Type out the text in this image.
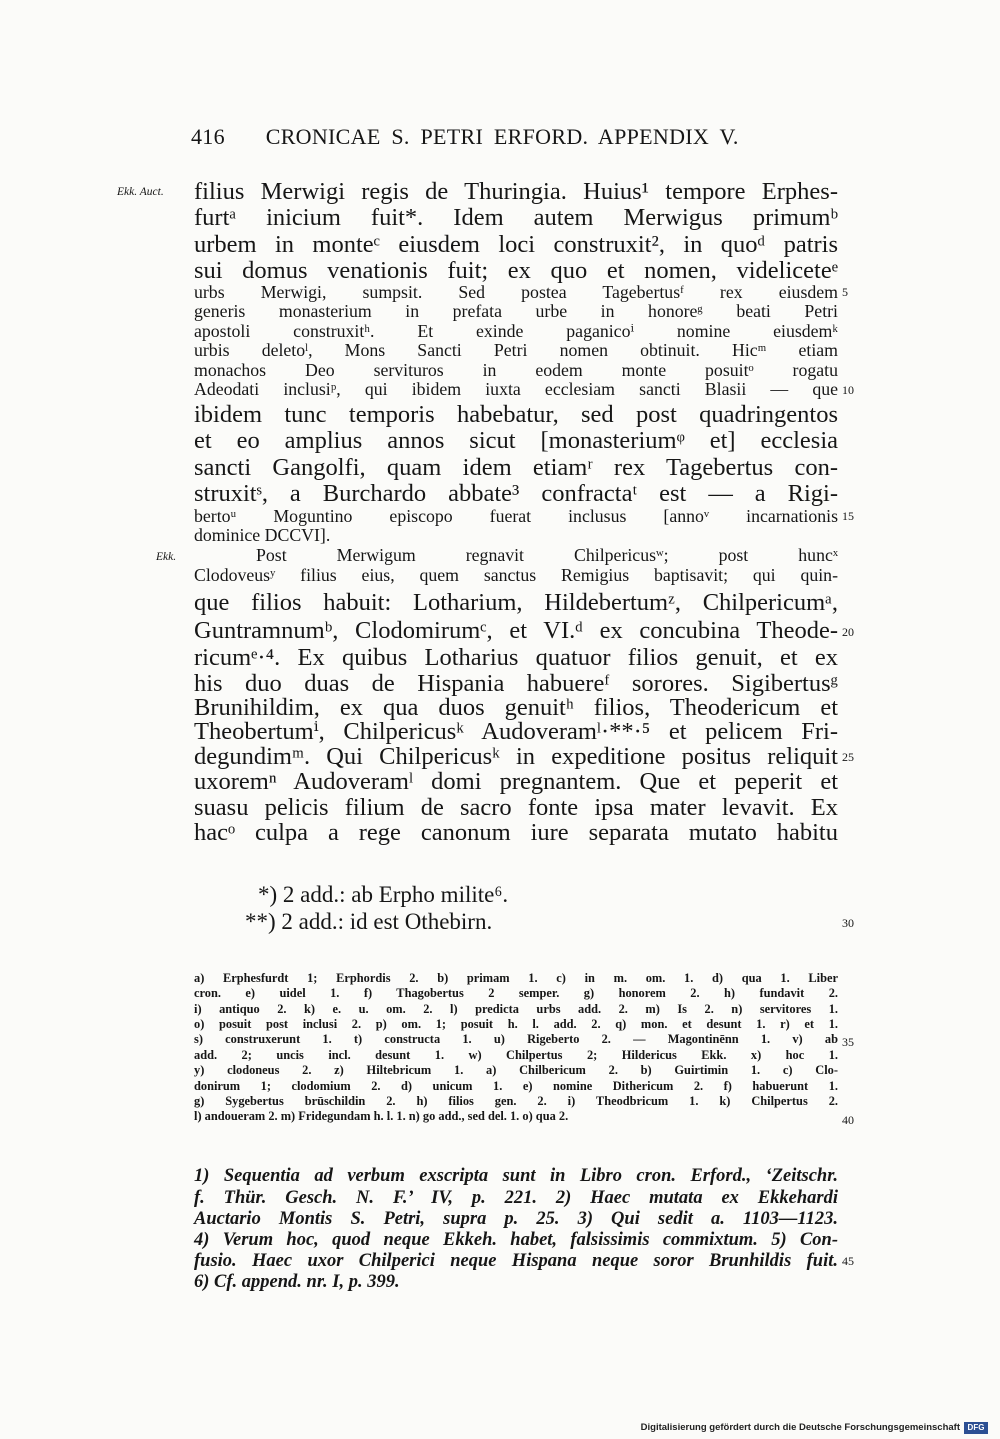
416 CRONICAE S. PETRI ERFORD. APPENDIX V.
Ekk. Auct.
Ekk.
filius Merwigi regis de Thuringia. Huius¹ tempore Erphes-
furtᵃ inicium fuit*. Idem autem Merwigus primumᵇ
urbem in monteᶜ eiusdem loci construxit², in quoᵈ patris
sui domus venationis fuit; ex quo et nomen, videliceteᵉ
urbs Merwigi, sumpsit. Sed postea Tagebertusᶠ rex eiusdem
generis monasterium in prefata urbe in honoreᵍ beati Petri
apostoli construxitʰ. Et exinde paganicoⁱ nomine eiusdemᵏ
urbis deletoˡ, Mons Sancti Petri nomen obtinuit. Hicᵐ etiam
monachos Deo servituros in eodem monte posuitᵒ rogatu
Adeodati inclusiᵖ, qui ibidem iuxta ecclesiam sancti Blasii — que
ibidem tunc temporis habebatur, sed post quadringentos
et eo amplius annos sicut [monasteriumᵠ et] ecclesia
sancti Gangolfi, quam idem etiamʳ rex Tagebertus con-
struxitˢ, a Burchardo abbate³ confractaᵗ est — a Rigi-
bertoᵘ Moguntino episcopo fuerat inclusus [annoᵛ incarnationis
dominice DCCVI].
Post Merwigum regnavit Chilpericusʷ; post huncˣ
Clodoveusʸ filius eius, quem sanctus Remigius baptisavit; qui quin-
que filios habuit: Lotharium, Hildebertumᶻ, Chilpericumᵃ,
Guntramnumᵇ, Clodomirumᶜ, et VI.ᵈ ex concubina Theode-
ricumᵉ·⁴. Ex quibus Lotharius quatuor filios genuit, et ex
his duo duas de Hispania habuereᶠ sorores. Sigibertusᵍ
Brunihildim, ex qua duos genuitʰ filios, Theodericum et
Theobertumⁱ, Chilpericusᵏ Audoveramˡ·**·⁵ et pelicem Fri-
degundimᵐ. Qui Chilpericusᵏ in expeditione positus reliquit
uxoremⁿ Audoveramˡ domi pregnantem. Que et peperit et
suasu pelicis filium de sacro fonte ipsa mater levavit. Ex
hacᵒ culpa a rege canonum iure separata mutato habitu
5
10
15
20
25
30
35
40
45
*) 2 add.: ab Erpho milite⁶.
**) 2 add.: id est Othebirn.
a) Erphesfurdt 1; Erphordis 2. b) primam 1. c) in m. om. 1. d) qua 1. Liber
cron. e) uidel 1. f) Thagobertus 2 semper. g) honorem 2. h) fundavit 2.
i) antiquo 2. k) e. u. om. 2. l) predicta urbs add. 2. m) Is 2. n) servitores 1.
o) posuit post inclusi 2. p) om. 1; posuit h. l. add. 2. q) mon. et desunt 1. r) et 1.
s) construxerunt 1. t) constructa 1. u) Rigeberto 2. — Magontinēnn 1. v) ab
add. 2; uncis incl. desunt 1. w) Chilpertus 2; Hildericus Ekk. x) hoc 1.
y) clodoneus 2. z) Hiltebricum 1. a) Chilbericum 2. b) Guirtimin 1. c) Clo-
donirum 1; clodomium 2. d) unicum 1. e) nomine Dithericum 2. f) habuerunt 1.
g) Sygebertus brūschildin 2. h) filios gen. 2. i) Theodbricum 1. k) Chilpertus 2.
l) andoueram 2. m) Fridegundam h. l. 1. n) go add., sed del. 1. o) qua 2.
1) Sequentia ad verbum exscripta sunt in Libro cron. Erford., ‘Zeitschr.
f. Thür. Gesch. N. F.’ IV, p. 221. 2) Haec mutata ex Ekkehardi
Auctario Montis S. Petri, supra p. 25. 3) Qui sedit a. 1103—1123.
4) Verum hoc, quod neque Ekkeh. habet, falsissimis commixtum. 5) Con-
fusio. Haec uxor Chilperici neque Hispana neque soror Brunhildis fuit.
6) Cf. append. nr. I, p. 399.
Digitalisierung gefördert durch die Deutsche Forschungsgemeinschaft DFG
